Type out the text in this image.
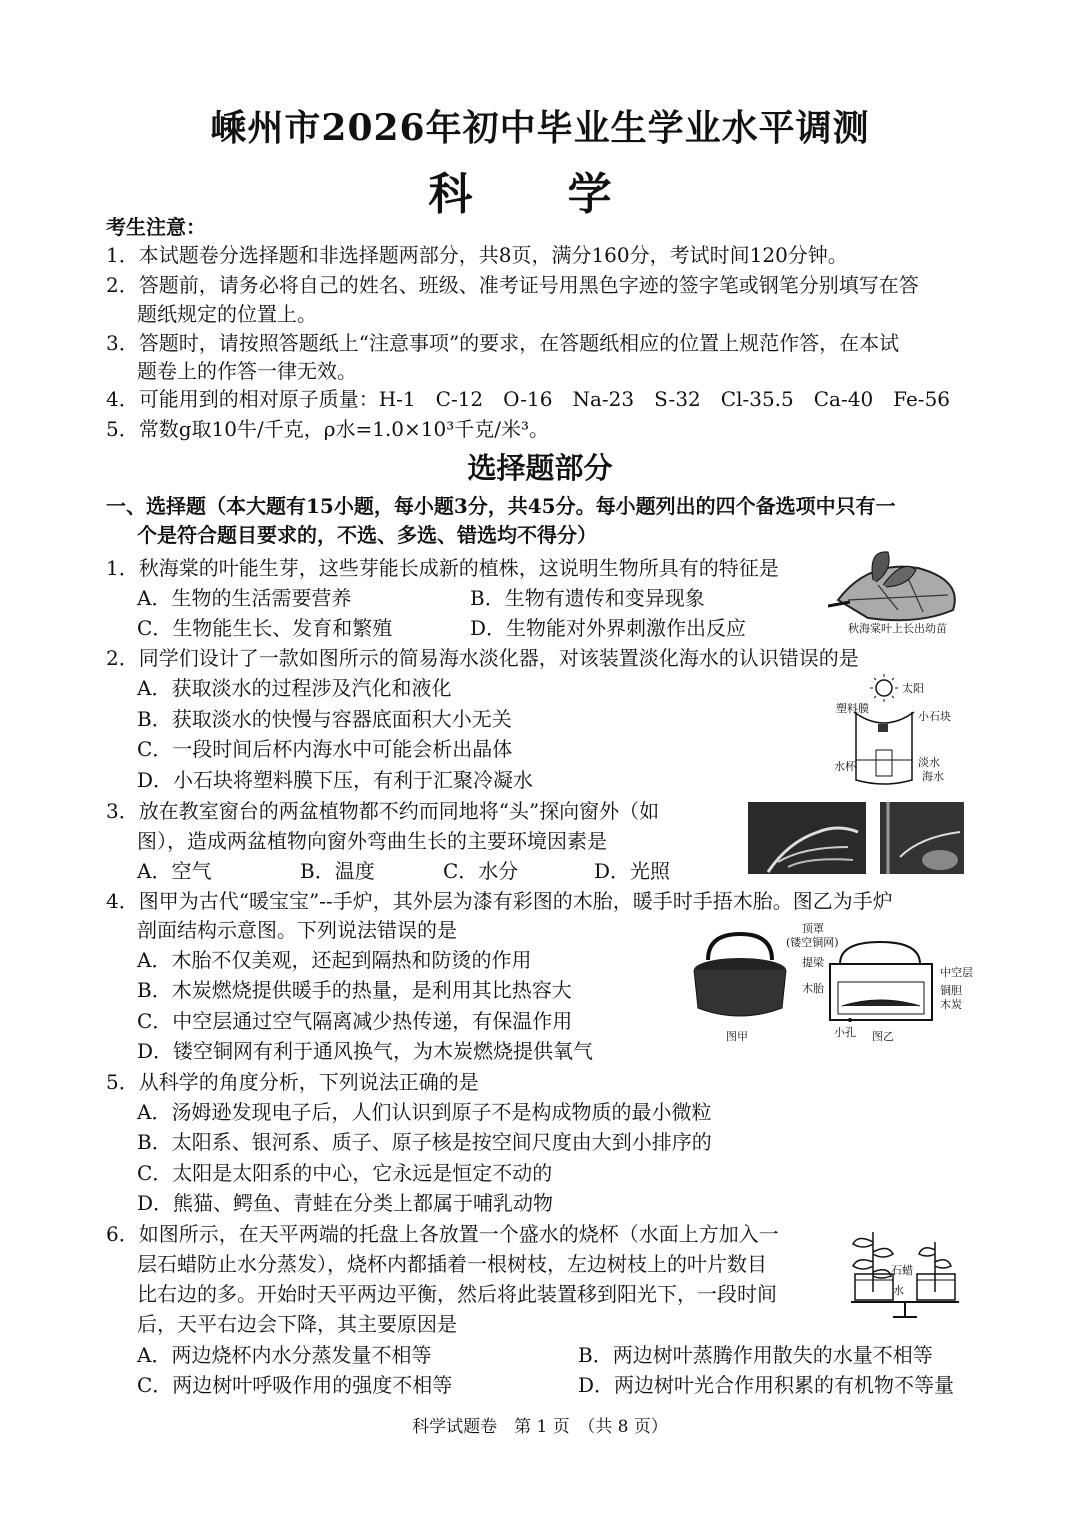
嵊州市2026年初中毕业生学业水平调测
科 学
考生注意：
1．本试题卷分选择题和非选择题两部分，共8页，满分160分，考试时间120分钟。
2．答题前，请务必将自己的姓名、班级、准考证号用黑色字迹的签字笔或钢笔分别填写在答
题纸规定的位置上。
3．答题时，请按照答题纸上“注意事项”的要求，在答题纸相应的位置上规范作答，在本试
题卷上的作答一律无效。
4．可能用到的相对原子质量：H-1　C-12　O-16　Na-23　S-32　Cl-35.5　Ca-40　Fe-56
5．常数g取10牛/千克，ρ水=1.0×10³千克/米³。
选择题部分
一、选择题（本大题有15小题，每小题3分，共45分。每小题列出的四个备选项中只有一
个是符合题目要求的，不选、多选、错选均不得分）
1．秋海棠的叶能生芽，这些芽能长成新的植株，这说明生物所具有的特征是
A．生物的生活需要营养	B．生物有遗传和变异现象
C．生物能生长、发育和繁殖	D．生物能对外界刺激作出反应	秋海棠叶上长出幼苗
2．同学们设计了一款如图所示的简易海水淡化器，对该装置淡化海水的认识错误的是
A．获取淡水的过程涉及汽化和液化
B．获取淡水的快慢与容器底面积大小无关
C．一段时间后杯内海水中可能会析出晶体
D．小石块将塑料膜下压，有利于汇聚冷凝水
太阳
塑料膜
小石块
水杯	淡水
海水
3．放在教室窗台的两盆植物都不约而同地将“头”探向窗外（如
图），造成两盆植物向窗外弯曲生长的主要环境因素是
A．空气	B．温度	C．水分	D．光照
4．图甲为古代“暖宝宝”--手炉，其外层为漆有彩图的木胎，暖手时手捂木胎。图乙为手炉
剖面结构示意图。下列说法错误的是
A．木胎不仅美观，还起到隔热和防烫的作用
B．木炭燃烧提供暖手的热量，是利用其比热容大
C．中空层通过空气隔离减少热传递，有保温作用
D．镂空铜网有利于通风换气，为木炭燃烧提供氧气
顶罩
(镂空铜网)
提梁
中空层
木胎	铜胆
木炭
小孔
图甲	图乙
5．从科学的角度分析，下列说法正确的是
A．汤姆逊发现电子后，人们认识到原子不是构成物质的最小微粒
B．太阳系、银河系、质子、原子核是按空间尺度由大到小排序的
C．太阳是太阳系的中心，它永远是恒定不动的
D．熊猫、鳄鱼、青蛙在分类上都属于哺乳动物
6．如图所示，在天平两端的托盘上各放置一个盛水的烧杯（水面上方加入一
层石蜡防止水分蒸发），烧杯内都插着一根树枝，左边树枝上的叶片数目
比右边的多。开始时天平两边平衡，然后将此装置移到阳光下，一段时间
后，天平右边会下降，其主要原因是
A．两边烧杯内水分蒸发量不相等	B．两边树叶蒸腾作用散失的水量不相等
C．两边树叶呼吸作用的强度不相等	D．两边树叶光合作用积累的有机物不等量
石蜡
水
科学试题卷　第 1 页　（共 8 页）
